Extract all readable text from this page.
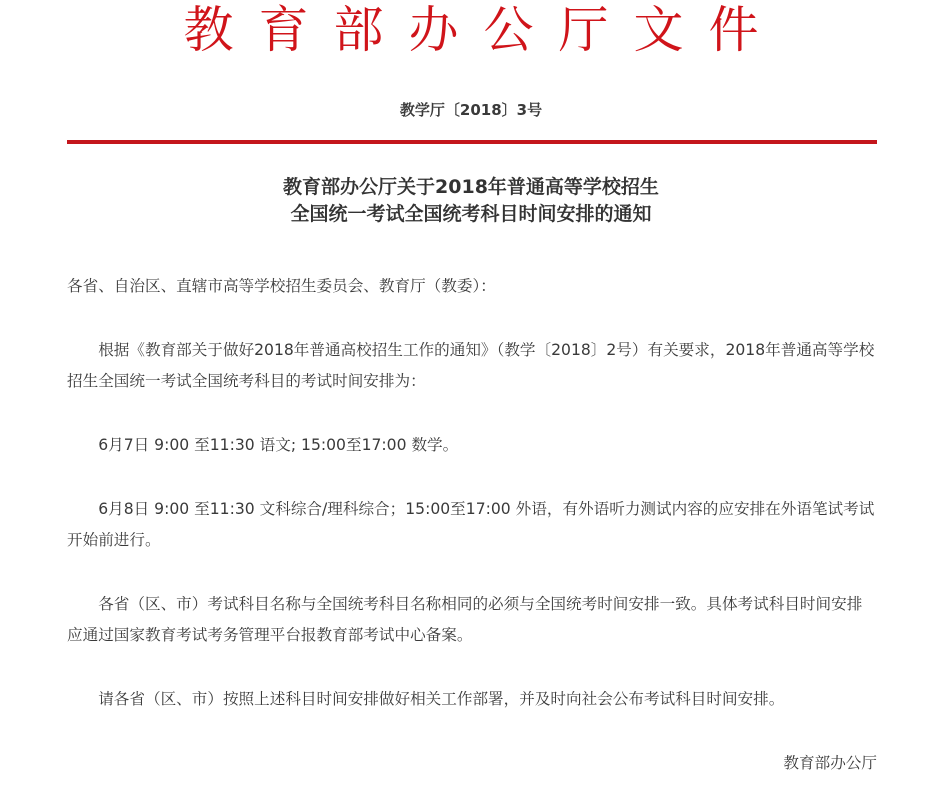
教育部办公厅文件
教学厅〔2018〕3号
教育部办公厅关于2018年普通高等学校招生
全国统一考试全国统考科目时间安排的通知

各省、自治区、直辖市高等学校招生委员会、教育厅（教委）：

根据《教育部关于做好2018年普通高校招生工作的通知》（教学〔2018〕2号）有关要求，2018年普通高等学校招生全国统一考试全国统考科目的考试时间安排为：

6月7日 9:00 至11:30 语文; 15:00至17:00 数学。

6月8日 9:00 至11:30 文科综合/理科综合；15:00至17:00 外语，有外语听力测试内容的应安排在外语笔试考试开始前进行。

各省（区、市）考试科目名称与全国统考科目名称相同的必须与全国统考时间安排一致。具体考试科目时间安排应通过国家教育考试考务管理平台报教育部考试中心备案。

请各省（区、市）按照上述科目时间安排做好相关工作部署，并及时向社会公布考试科目时间安排。

教育部办公厅
